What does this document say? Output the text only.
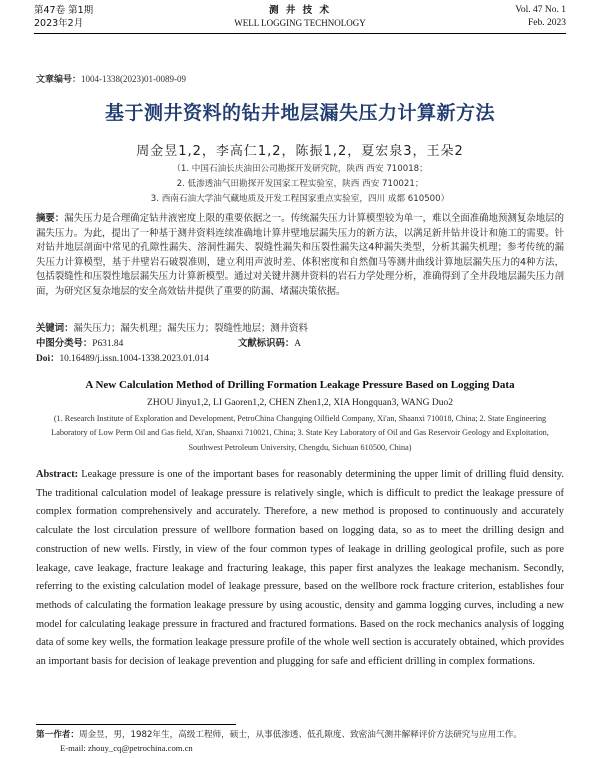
第47卷 第1期
2023年2月
测 井 技 术
WELL LOGGING TECHNOLOGY
Vol. 47 No. 1
Feb. 2023
文章编号：1004-1338(2023)01-0089-09
基于测井资料的钻井地层漏失压力计算新方法
周金昱1,2，李高仁1,2，陈振1,2，夏宏泉3，王朵2
（1. 中国石油长庆油田公司勘探开发研究院，陕西 西安 710018；
2. 低渗透油气田勘探开发国家工程实验室，陕西 西安 710021；
3. 西南石油大学油气藏地质及开发工程国家重点实验室，四川 成都 610500）
摘要：漏失压力是合理确定钻井液密度上限的重要依据之一。传统漏失压力计算模型较为单一，难以全面准确地预测复杂地层的漏失压力。为此，提出了一种基于测井资料连续准确地计算井壁地层漏失压力的新方法，以满足新井钻井设计和施工的需要。针对钻井地层剖面中常见的孔隙性漏失、溶洞性漏失、裂缝性漏失和压裂性漏失这4种漏失类型，分析其漏失机理；参考传统的漏失压力计算模型，基于井壁岩石破裂准则，建立利用声波时差、体积密度和自然伽马等测井曲线计算地层漏失压力的4种方法，包括裂缝性和压裂性地层漏失压力计算新模型。通过对关键井测井资料的岩石力学处理分析，准确得到了全井段地层漏失压力剖面，为研究区复杂地层的安全高效钻井提供了重要的防漏、堵漏决策依据。
关键词：漏失压力；漏失机理；漏失压力；裂缝性地层；测井资料
中图分类号：P631.84	文献标识码：A
Doi：10.16489/j.issn.1004-1338.2023.01.014
A New Calculation Method of Drilling Formation Leakage Pressure Based on Logging Data
ZHOU Jinyu1,2, LI Gaoren1,2, CHEN Zhen1,2, XIA Hongquan3, WANG Duo2
(1. Research Institute of Exploration and Development, PetroChina Changqing Oilfield Company, Xi'an, Shaanxi 710018, China; 2. State Engineering Laboratory of Low Perm Oil and Gas field, Xi'an, Shaanxi 710021, China; 3. State Key Laboratory of Oil and Gas Reservoir Geology and Exploitation, Southwest Petroleum University, Chengdu, Sichuan 610500, China)
Abstract: Leakage pressure is one of the important bases for reasonably determining the upper limit of drilling fluid density. The traditional calculation model of leakage pressure is relatively single, which is difficult to predict the leakage pressure of complex formation comprehensively and accurately. Therefore, a new method is proposed to continuously and accurately calculate the lost circulation pressure of wellbore formation based on logging data, so as to meet the drilling design and construction of new wells. Firstly, in view of the four common types of leakage in drilling geological profile, such as pore leakage, cave leakage, fracture leakage and fracturing leakage, this paper first analyzes the leakage mechanism. Secondly, referring to the existing calculation model of leakage pressure, based on the wellbore rock fracture criterion, establishes four methods of calculating the formation leakage pressure by using acoustic, density and gamma logging curves, including a new model for calculating leakage pressure in fractured and fractured formations. Based on the rock mechanics analysis of logging data of some key wells, the formation leakage pressure profile of the whole well section is accurately obtained, which provides an important basis for decision of leakage prevention and plugging for safe and efficient drilling in complex formations.
第一作者：周金昱，男，1982年生，高级工程师，硕士，从事低渗透、低孔隙度、致密油气测井解释评价方法研究与应用工作。
E-mail: zhouy_cq@petrochina.com.cn
